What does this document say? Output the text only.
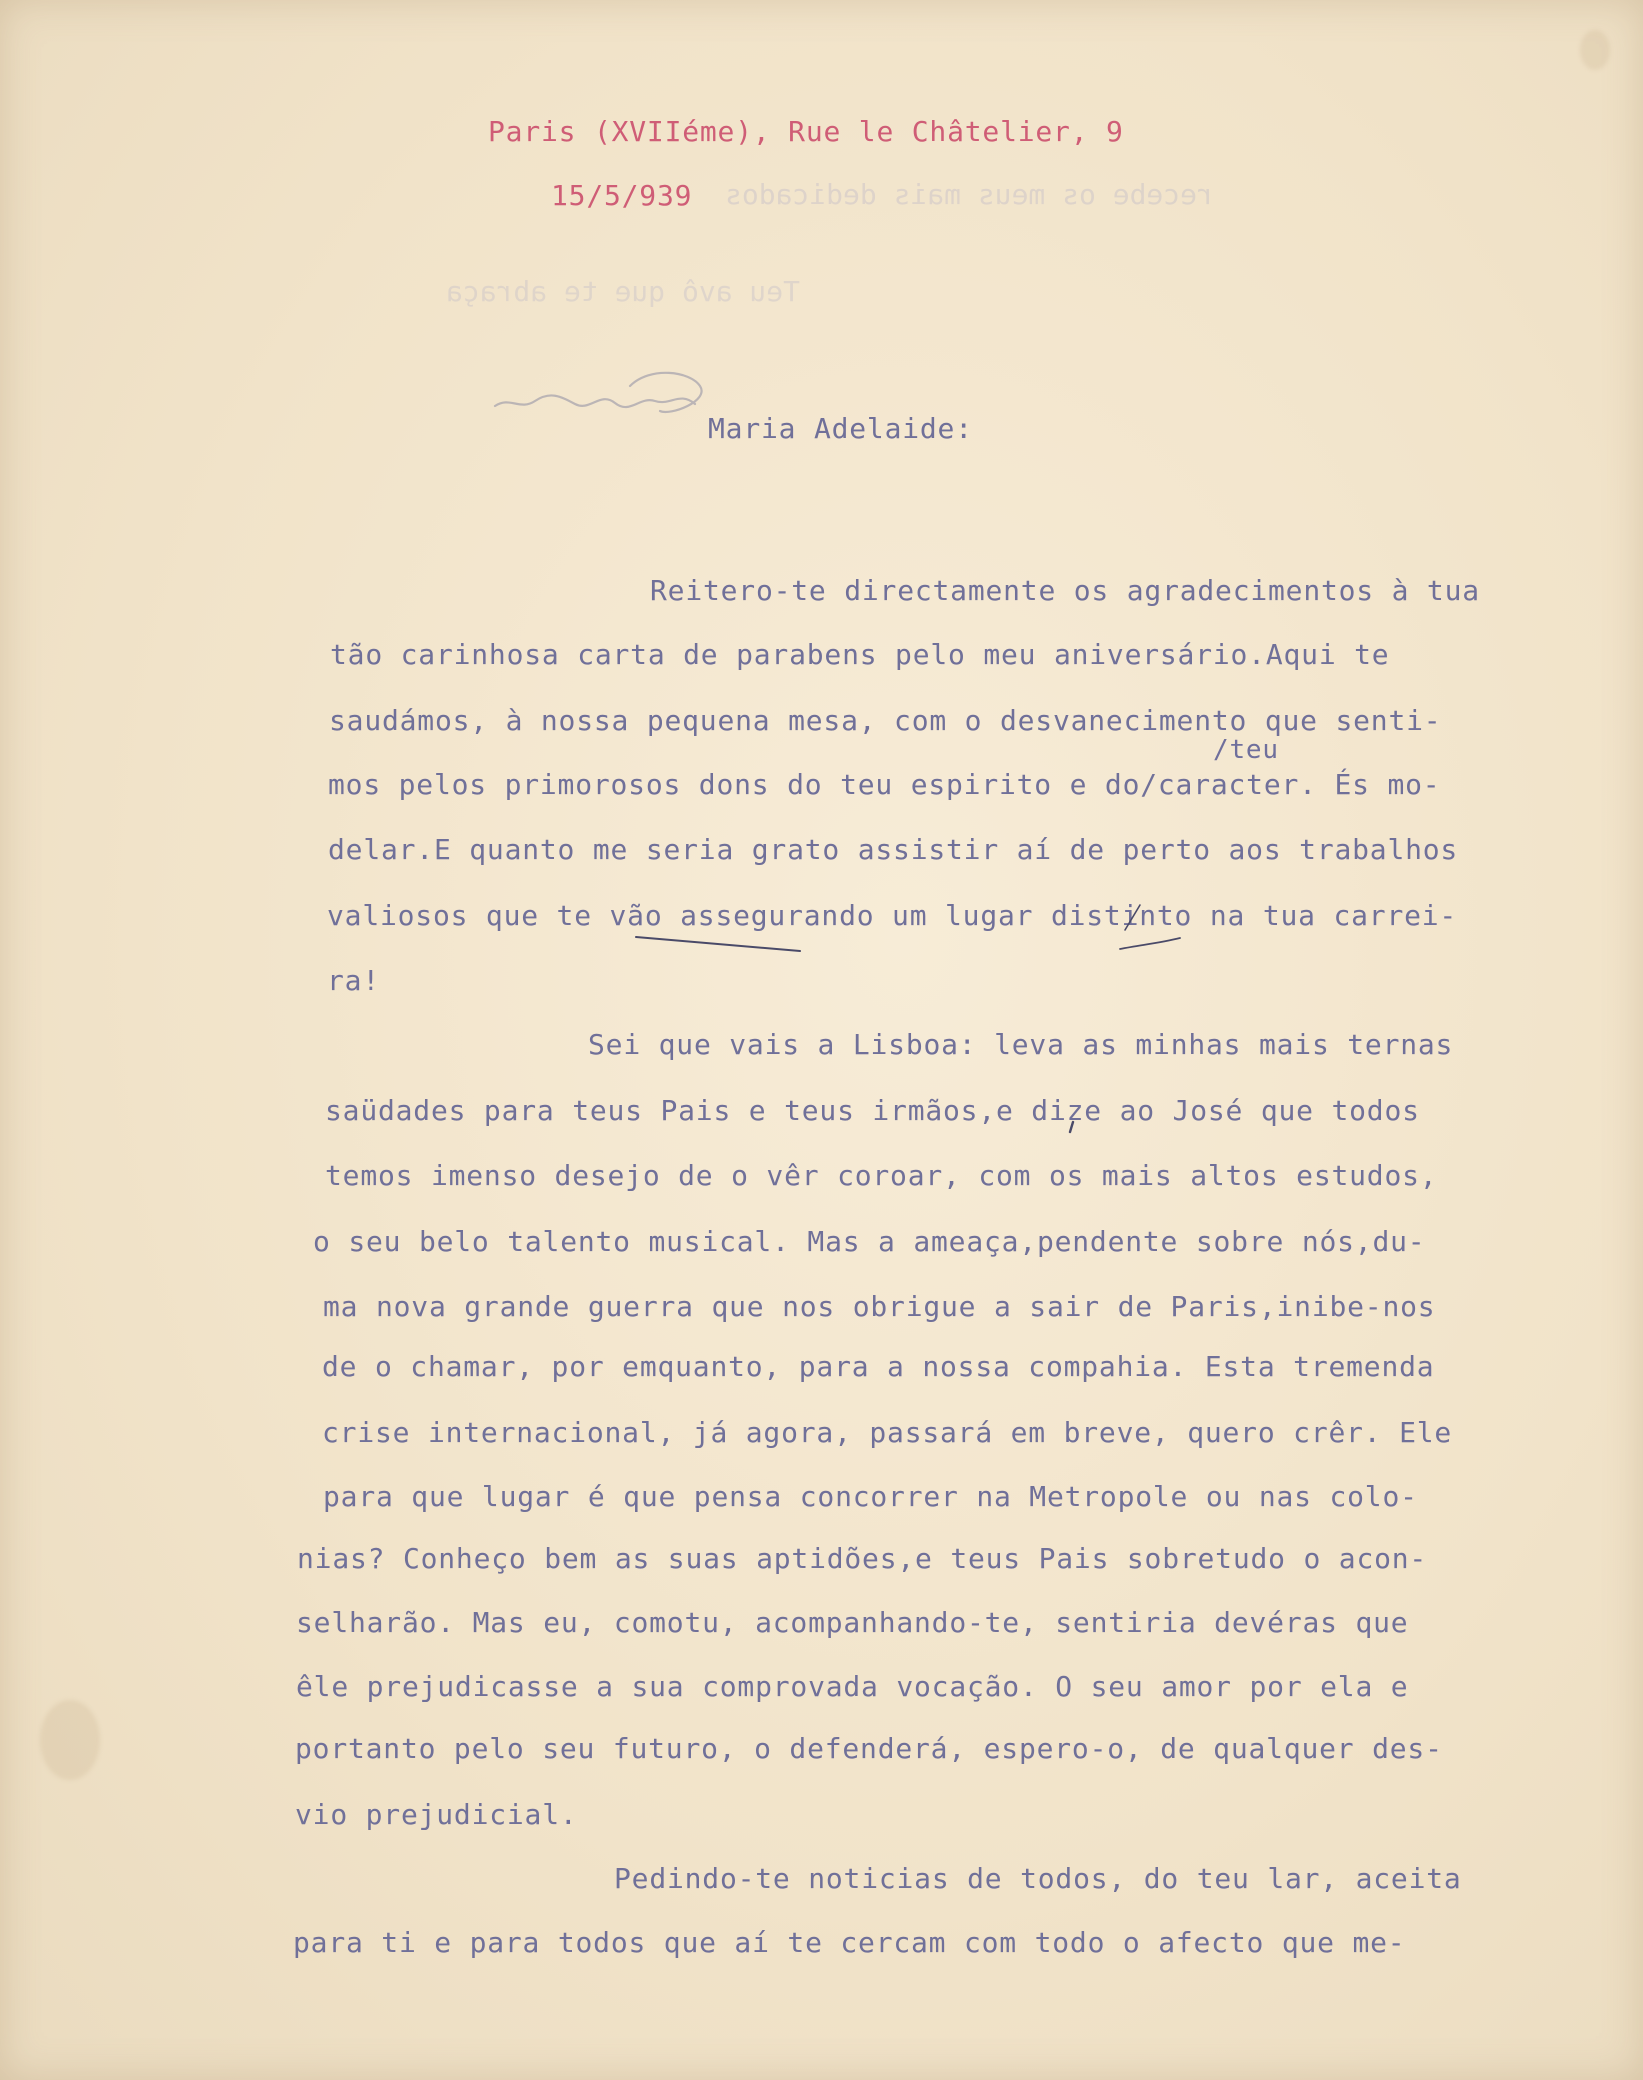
recebe os meus mais dedicados
Teu avô que te abraça
Paris (XVIIéme), Rue le Châtelier, 9
15/5/939
Maria Adelaide:
Reitero-te directamente os agradecimentos à tua
tão carinhosa carta de parabens pelo meu aniversário.Aqui te
saudámos, à nossa pequena mesa, com o desvanecimento que senti-
/teu
mos pelos primorosos dons do teu espirito e do/caracter. És mo-
delar.E quanto me seria grato assistir aí de perto aos trabalhos
valiosos que te vão assegurando um lugar distinto na tua carrei-
ra!
Sei que vais a Lisboa: leva as minhas mais ternas
saüdades para teus Pais e teus irmãos,e dize ao José que todos
temos imenso desejo de o vêr coroar, com os mais altos estudos,
o seu belo talento musical. Mas a ameaça,pendente sobre nós,du-
ma nova grande guerra que nos obrigue a sair de Paris,inibe-nos
de o chamar, por emquanto, para a nossa compahia. Esta tremenda
crise internacional, já agora, passará em breve, quero crêr. Ele
para que lugar é que pensa concorrer na Metropole ou nas colo-
nias? Conheço bem as suas aptidões,e teus Pais sobretudo o acon-
selharão. Mas eu, comotu, acompanhando-te, sentiria devéras que
êle prejudicasse a sua comprovada vocação. O seu amor por ela e
portanto pelo seu futuro, o defenderá, espero-o, de qualquer des-
vio prejudicial.
Pedindo-te noticias de todos, do teu lar, aceita
para ti e para todos que aí te cercam com todo o afecto que me-
